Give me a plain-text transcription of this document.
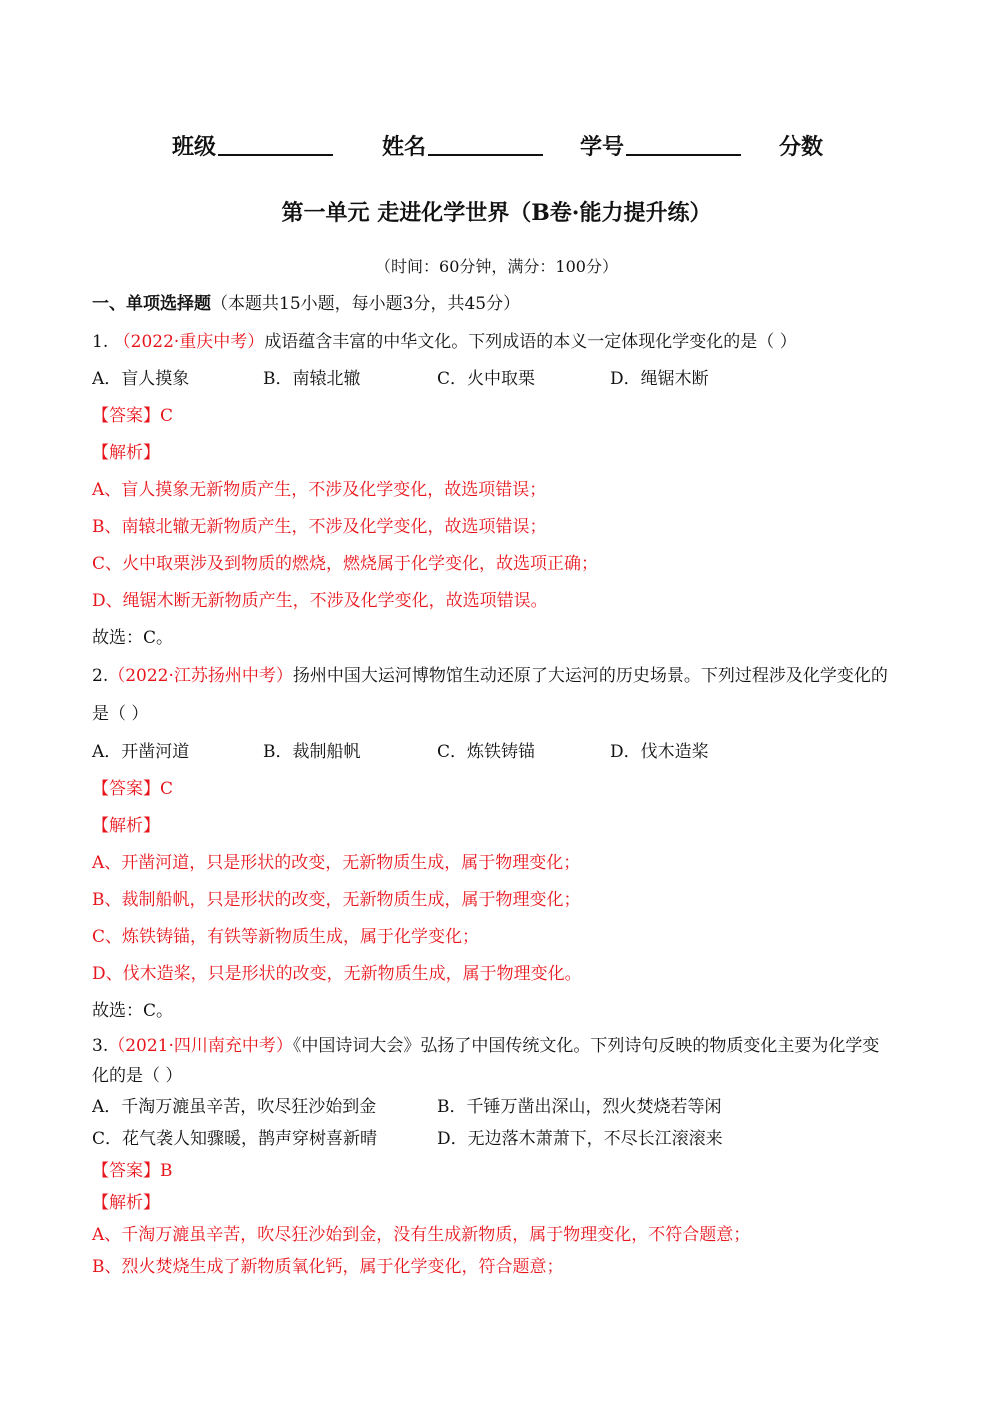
班级	姓名	学号	分数
第一单元 走进化学世界（B卷·能力提升练）
（时间：60分钟，满分：100分）
一、单项选择题（本题共15小题，每小题3分，共45分）
1. （2022·重庆中考）成语蕴含丰富的中华文化。下列成语的本义一定体现化学变化的是（ ）
A．盲人摸象	B．南辕北辙	C．火中取栗	D．绳锯木断
【答案】C
【解析】
A、盲人摸象无新物质产生，不涉及化学变化，故选项错误；
B、南辕北辙无新物质产生，不涉及化学变化，故选项错误；
C、火中取栗涉及到物质的燃烧，燃烧属于化学变化，故选项正确；
D、绳锯木断无新物质产生，不涉及化学变化，故选项错误。
故选：C。
2.（2022·江苏扬州中考）扬州中国大运河博物馆生动还原了大运河的历史场景。下列过程涉及化学变化的
是（ ）
A．开凿河道	B．裁制船帆	C．炼铁铸锚	D．伐木造桨
【答案】C
【解析】
A、开凿河道，只是形状的改变，无新物质生成，属于物理变化；
B、裁制船帆，只是形状的改变，无新物质生成，属于物理变化；
C、炼铁铸锚，有铁等新物质生成，属于化学变化；
D、伐木造桨，只是形状的改变，无新物质生成，属于物理变化。
故选：C。
3.（2021·四川南充中考）《中国诗词大会》弘扬了中国传统文化。下列诗句反映的物质变化主要为化学变
化的是（ ）
A．千淘万漉虽辛苦，吹尽狂沙始到金	B．千锤万凿出深山，烈火焚烧若等闲
C．花气袭人知骤暖，鹊声穿树喜新晴	D．无边落木萧萧下，不尽长江滚滚来
【答案】B
【解析】
A、千淘万漉虽辛苦，吹尽狂沙始到金，没有生成新物质，属于物理变化，不符合题意；
B、烈火焚烧生成了新物质氧化钙，属于化学变化，符合题意；
